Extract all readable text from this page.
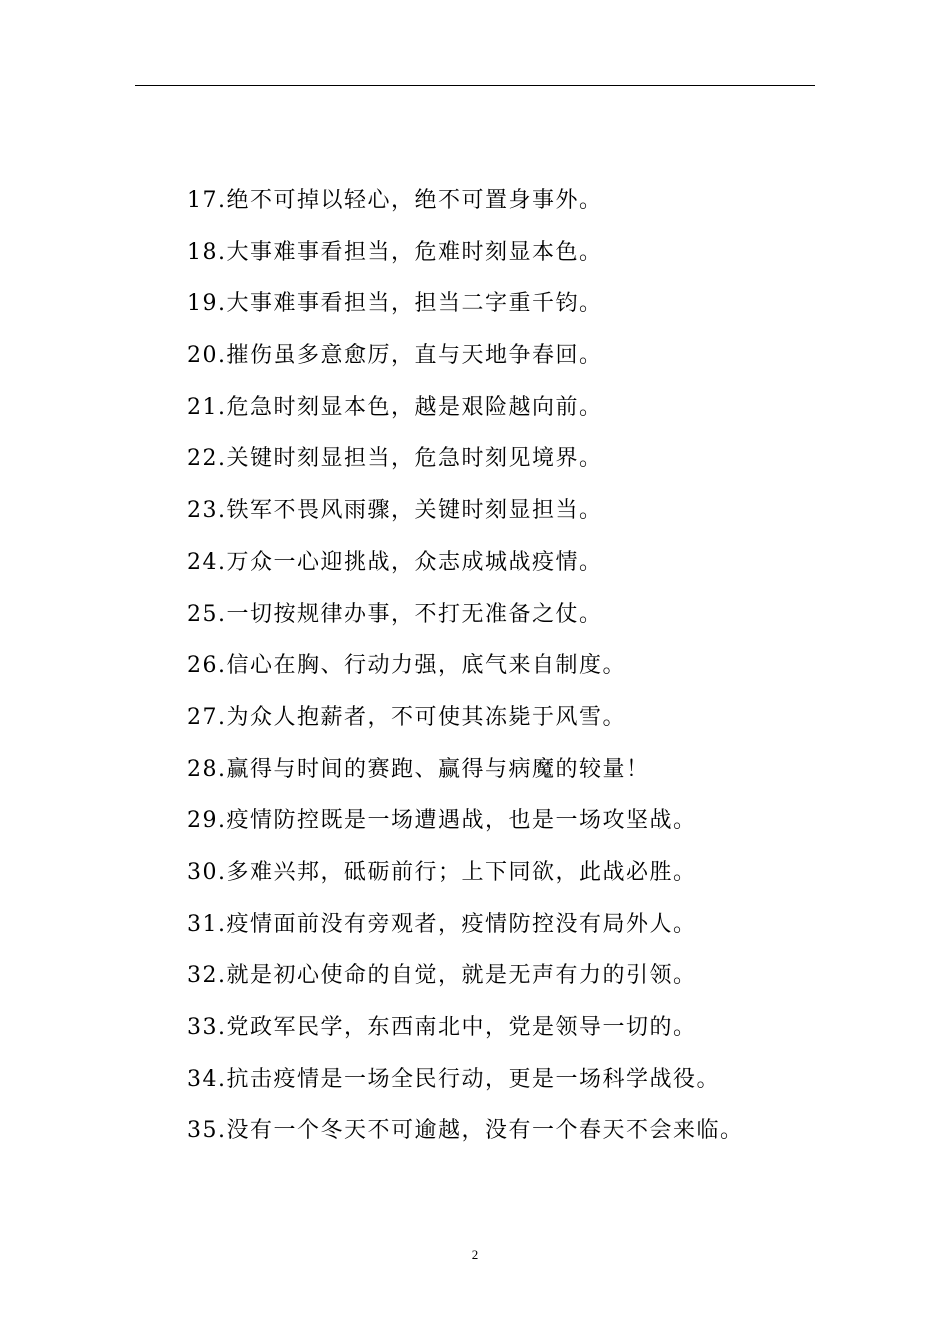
17.绝不可掉以轻心，绝不可置身事外。
18.大事难事看担当，危难时刻显本色。
19.大事难事看担当，担当二字重千钧。
20.摧伤虽多意愈厉，直与天地争春回。
21.危急时刻显本色，越是艰险越向前。
22.关键时刻显担当，危急时刻见境界。
23.铁军不畏风雨骤，关键时刻显担当。
24.万众一心迎挑战，众志成城战疫情。
25.一切按规律办事，不打无准备之仗。
26.信心在胸、行动力强，底气来自制度。
27.为众人抱薪者，不可使其冻毙于风雪。
28.赢得与时间的赛跑、赢得与病魔的较量！
29.疫情防控既是一场遭遇战，也是一场攻坚战。
30.多难兴邦，砥砺前行；上下同欲，此战必胜。
31.疫情面前没有旁观者，疫情防控没有局外人。
32.就是初心使命的自觉，就是无声有力的引领。
33.党政军民学，东西南北中，党是领导一切的。
34.抗击疫情是一场全民行动，更是一场科学战役。
35.没有一个冬天不可逾越，没有一个春天不会来临。
2
